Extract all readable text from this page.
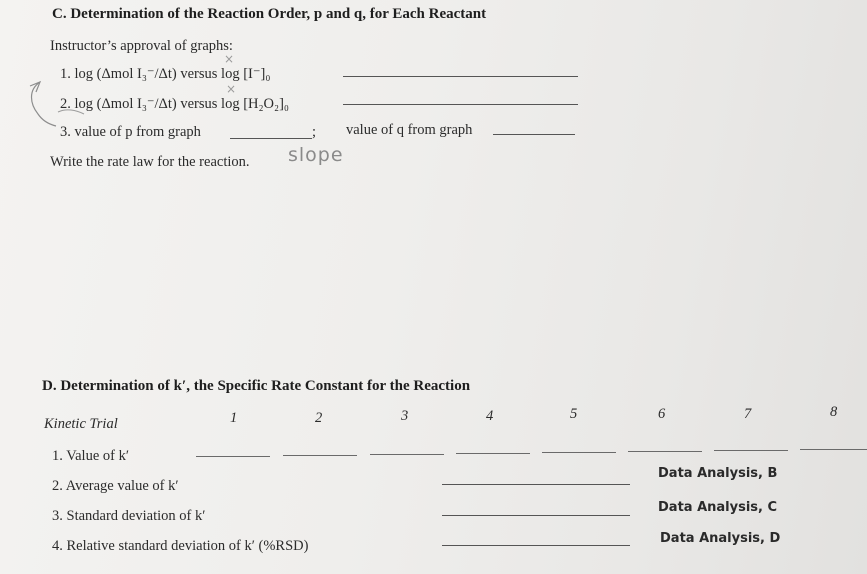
C. Determination of the Reaction Order, p and q, for Each Reactant
Instructor’s approval of graphs:
×
1. log (Δmol I₃⁻/Δt) versus log [I⁻]₀
×
2. log (Δmol I₃⁻/Δt) versus log [H₂O₂]₀
3. value of p from graph	; value of q from graph
Write the rate law for the reaction. slope
D. Determination of k′, the Specific Rate Constant for the Reaction
Kinetic Trial	1	2	3	4	5	6	7	8
1. Value of k′
2. Average value of k′
Data Analysis, B
3. Standard deviation of k′
Data Analysis, C
4. Relative standard deviation of k′ (%RSD)	Data Analysis, D
